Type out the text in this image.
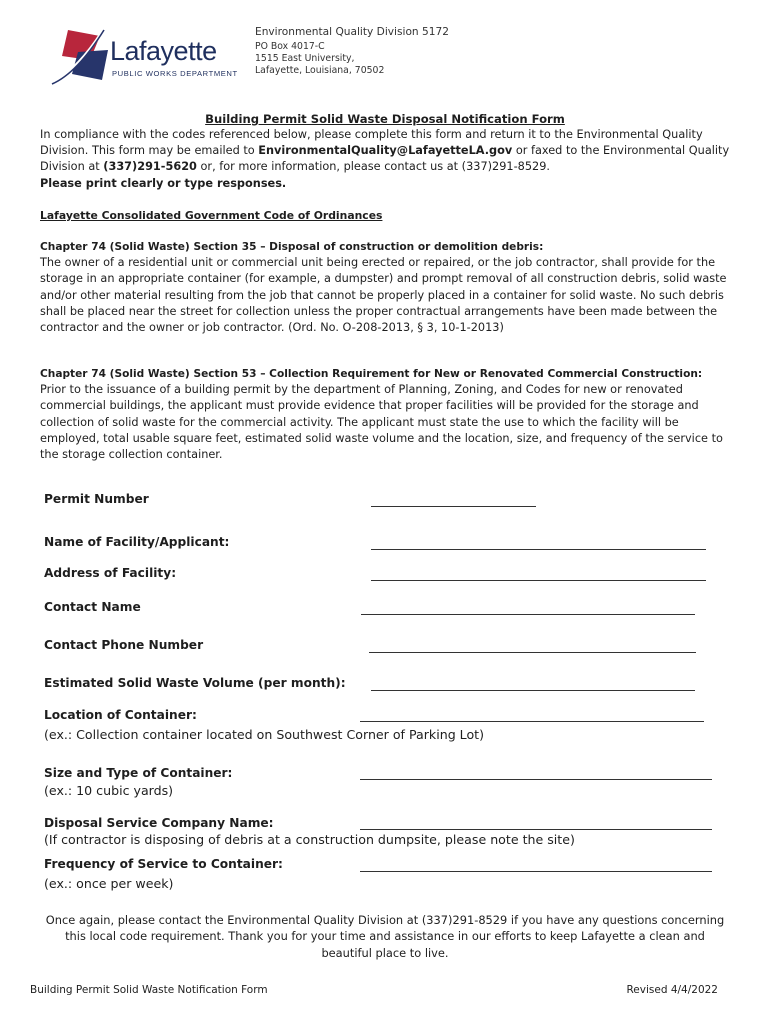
Lafayette
PUBLIC WORKS DEPARTMENT
Environmental Quality Division 5172
PO Box 4017-C
1515 East University,
Lafayette, Louisiana, 70502
Building Permit Solid Waste Disposal Notification Form
In compliance with the codes referenced below, please complete this form and return it to the Environmental Quality Division. This form may be emailed to EnvironmentalQuality@LafayetteLA.gov or faxed to the Environmental Quality Division at (337)291-5620 or, for more information, please contact us at (337)291-8529.
Please print clearly or type responses.
Lafayette Consolidated Government Code of Ordinances
Chapter 74 (Solid Waste) Section 35 – Disposal of construction or demolition debris:
The owner of a residential unit or commercial unit being erected or repaired, or the job contractor, shall provide for the storage in an appropriate container (for example, a dumpster) and prompt removal of all construction debris, solid waste and/or other material resulting from the job that cannot be properly placed in a container for solid waste. No such debris shall be placed near the street for collection unless the proper contractual arrangements have been made between the contractor and the owner or job contractor. (Ord. No. O-208-2013, § 3, 10-1-2013)
Chapter 74 (Solid Waste) Section 53 – Collection Requirement for New or Renovated Commercial Construction:
Prior to the issuance of a building permit by the department of Planning, Zoning, and Codes for new or renovated commercial buildings, the applicant must provide evidence that proper facilities will be provided for the storage and collection of solid waste for the commercial activity. The applicant must state the use to which the facility will be employed, total usable square feet, estimated solid waste volume and the location, size, and frequency of the service to the storage collection container.
Permit Number
Name of Facility/Applicant:
Address of Facility:
Contact Name
Contact Phone Number
Estimated Solid Waste Volume (per month):
Location of Container:
(ex.: Collection container located on Southwest Corner of Parking Lot)
Size and Type of Container:
(ex.: 10 cubic yards)
Disposal Service Company Name:
(If contractor is disposing of debris at a construction dumpsite, please note the site)
Frequency of Service to Container:
(ex.: once per week)
Once again, please contact the Environmental Quality Division at (337)291-8529 if you have any questions concerning this local code requirement. Thank you for your time and assistance in our efforts to keep Lafayette a clean and beautiful place to live.
Building Permit Solid Waste Notification Form	Revised 4/4/2022
